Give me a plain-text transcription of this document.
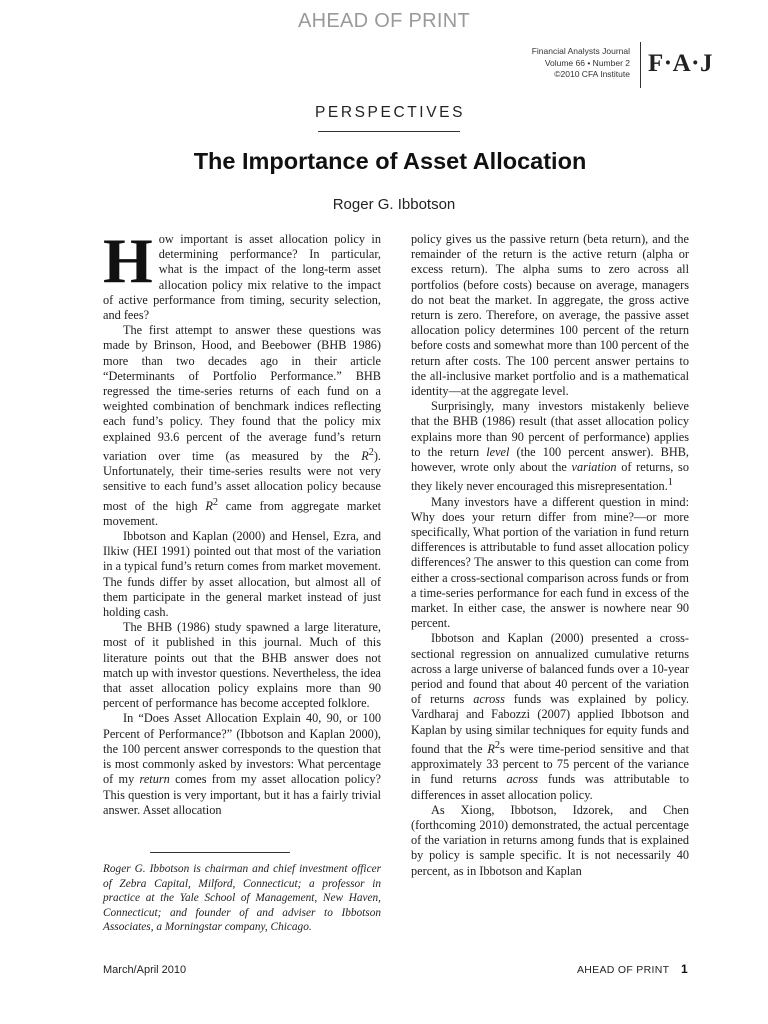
AHEAD OF PRINT
Financial Analysts Journal
Volume 66 • Number 2
©2010 CFA Institute F·A·J
PERSPECTIVES
The Importance of Asset Allocation
Roger G. Ibbotson

How important is asset allocation policy in determining performance? In particular, what is the impact of the long-term asset allocation policy mix relative to the impact of active performance from timing, security selection, and fees?

The first attempt to answer these questions was made by Brinson, Hood, and Beebower (BHB 1986) more than two decades ago in their article “Determinants of Portfolio Performance.” BHB regressed the time-series returns of each fund on a weighted combination of benchmark indices reflecting each fund’s policy. They found that the policy mix explained 93.6 percent of the average fund’s return variation over time (as measured by the $R^2$). Unfortunately, their time-series results were not very sensitive to each fund’s asset allocation policy because most of the high $R^2$ came from aggregate market movement.

Ibbotson and Kaplan (2000) and Hensel, Ezra, and Ilkiw (HEI 1991) pointed out that most of the variation in a typical fund’s return comes from market movement. The funds differ by asset allocation, but almost all of them participate in the general market instead of just holding cash.

The BHB (1986) study spawned a large literature, most of it published in this journal. Much of this literature points out that the BHB answer does not match up with investor questions. Nevertheless, the idea that asset allocation policy explains more than 90 percent of performance has become accepted folklore.

In “Does Asset Allocation Explain 40, 90, or 100 Percent of Performance?” (Ibbotson and Kaplan 2000), the 100 percent answer corresponds to the question that is most commonly asked by investors: What percentage of my return comes from my asset allocation policy? This question is very important, but it has a fairly trivial answer. Asset allocation

Roger G. Ibbotson is chairman and chief investment officer of Zebra Capital, Milford, Connecticut; a professor in practice at the Yale School of Management, New Haven, Connecticut; and founder of and adviser to Ibbotson Associates, a Morningstar company, Chicago.

policy gives us the passive return (beta return), and the remainder of the return is the active return (alpha or excess return). The alpha sums to zero across all portfolios (before costs) because on average, managers do not beat the market. In aggregate, the gross active return is zero. Therefore, on average, the passive asset allocation policy determines 100 percent of the return before costs and somewhat more than 100 percent of the return after costs. The 100 percent answer pertains to the all-inclusive market portfolio and is a mathematical identity—at the aggregate level.

Surprisingly, many investors mistakenly believe that the BHB (1986) result (that asset allocation policy explains more than 90 percent of performance) applies to the return level (the 100 percent answer). BHB, however, wrote only about the variation of returns, so they likely never encouraged this misrepresentation.$^1$

Many investors have a different question in mind: Why does your return differ from mine?—or more specifically, What portion of the variation in fund return differences is attributable to fund asset allocation policy differences? The answer to this question can come from either a cross-sectional comparison across funds or from a time-series performance for each fund in excess of the market. In either case, the answer is nowhere near 90 percent.

Ibbotson and Kaplan (2000) presented a cross-sectional regression on annualized cumulative returns across a large universe of balanced funds over a 10-year period and found that about 40 percent of the variation of returns across funds was explained by policy. Vardharaj and Fabozzi (2007) applied Ibbotson and Kaplan by using similar techniques for equity funds and found that the $R^2s$ were time-period sensitive and that approximately 33 percent to 75 percent of the variance in fund returns across funds was attributable to differences in asset allocation policy.

As Xiong, Ibbotson, Idzorek, and Chen (forthcoming 2010) demonstrated, the actual percentage of the variation in returns among funds that is explained by policy is sample specific. It is not necessarily 40 percent, as in Ibbotson and Kaplan

March/April 2010	AHEAD OF PRINT 1
